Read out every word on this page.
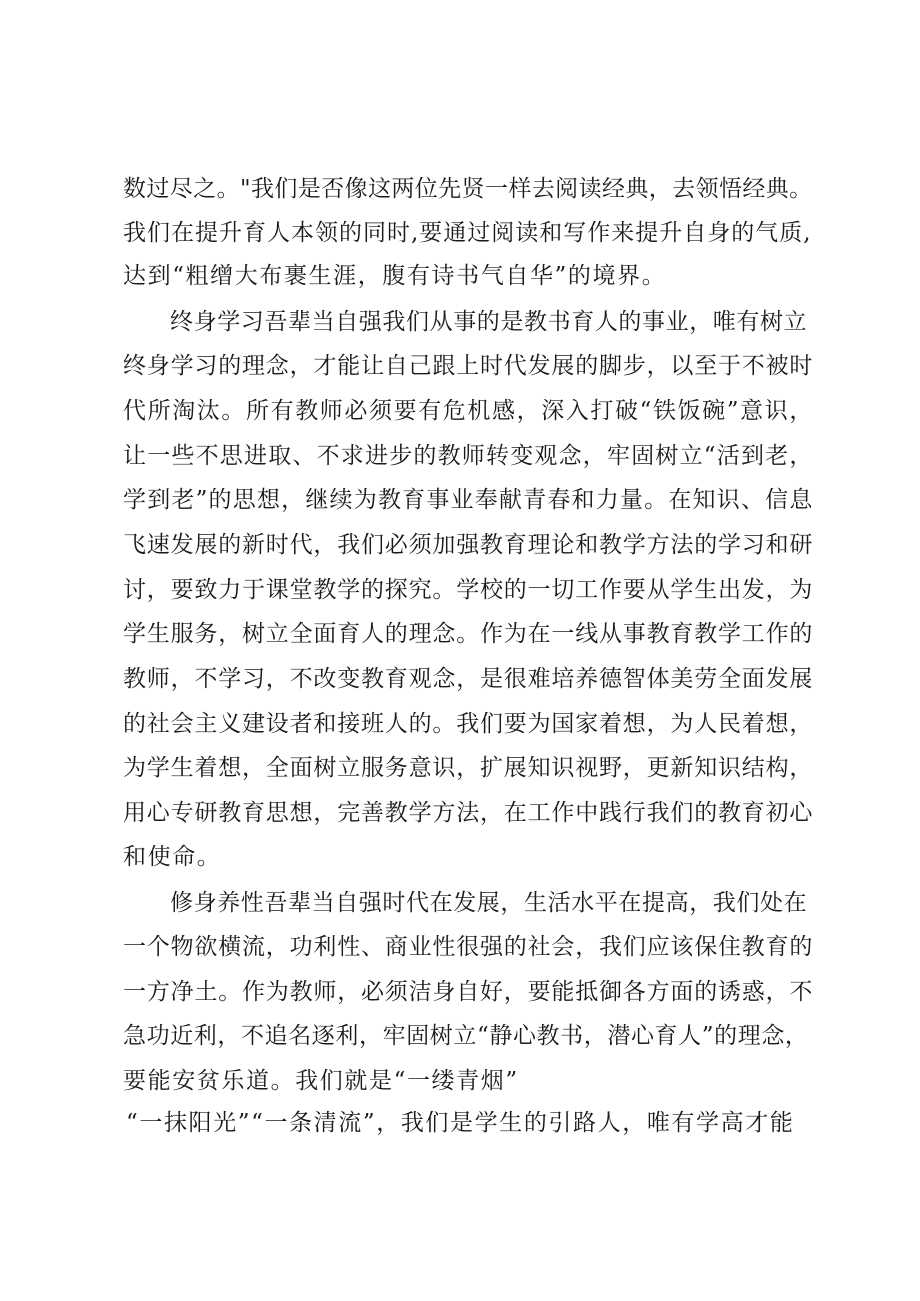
数过尽之。"我们是否像这两位先贤一样去阅读经典，去领悟经典。
我们在提升育人本领的同时,要通过阅读和写作来提升自身的气质,
达到“粗缯大布裹生涯，腹有诗书气自华”的境界。
终身学习吾辈当自强我们从事的是教书育人的事业，唯有树立
终身学习的理念，才能让自己跟上时代发展的脚步，以至于不被时
代所淘汰。所有教师必须要有危机感，深入打破“铁饭碗”意识，
让一些不思进取、不求进步的教师转变观念，牢固树立“活到老，
学到老”的思想，继续为教育事业奉献青春和力量。在知识、信息
飞速发展的新时代，我们必须加强教育理论和教学方法的学习和研
讨，要致力于课堂教学的探究。学校的一切工作要从学生出发，为
学生服务，树立全面育人的理念。作为在一线从事教育教学工作的
教师，不学习，不改变教育观念，是很难培养德智体美劳全面发展
的社会主义建设者和接班人的。我们要为国家着想，为人民着想，
为学生着想，全面树立服务意识，扩展知识视野，更新知识结构，
用心专研教育思想，完善教学方法，在工作中践行我们的教育初心
和使命。
修身养性吾辈当自强时代在发展，生活水平在提高，我们处在
一个物欲横流，功利性、商业性很强的社会，我们应该保住教育的
一方净土。作为教师，必须洁身自好，要能抵御各方面的诱惑，不
急功近利，不追名逐利，牢固树立“静心教书，潜心育人”的理念，
要能安贫乐道。我们就是“一缕青烟”
“一抹阳光”“一条清流”，我们是学生的引路人，唯有学高才能
